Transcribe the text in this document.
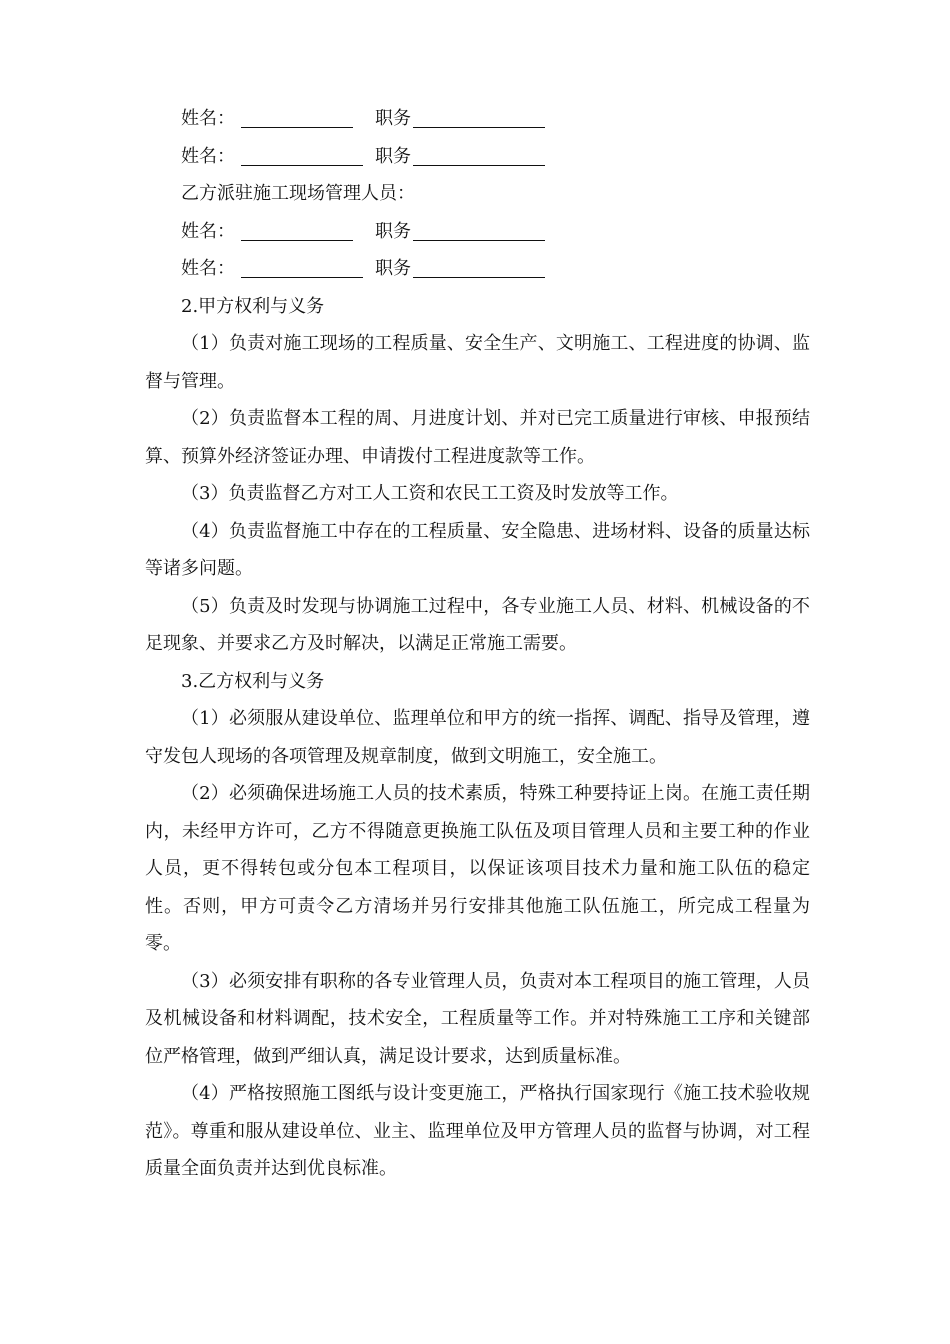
姓名：	职务
姓名：	职务
乙方派驻施工现场管理人员：
姓名：	职务
姓名：	职务
2.甲方权利与义务

（1）负责对施工现场的工程质量、安全生产、文明施工、工程进度的协调、监督与管理。

（2）负责监督本工程的周、月进度计划、并对已完工质量进行审核、申报预结算、预算外经济签证办理、申请拨付工程进度款等工作。

（3）负责监督乙方对工人工资和农民工工资及时发放等工作。

（4）负责监督施工中存在的工程质量、安全隐患、进场材料、设备的质量达标等诸多问题。

（5）负责及时发现与协调施工过程中，各专业施工人员、材料、机械设备的不足现象、并要求乙方及时解决，以满足正常施工需要。

3.乙方权利与义务

（1）必须服从建设单位、监理单位和甲方的统一指挥、调配、指导及管理，遵守发包人现场的各项管理及规章制度，做到文明施工，安全施工。

（2）必须确保进场施工人员的技术素质，特殊工种要持证上岗。在施工责任期内，未经甲方许可，乙方不得随意更换施工队伍及项目管理人员和主要工种的作业人员，更不得转包或分包本工程项目，以保证该项目技术力量和施工队伍的稳定性。否则，甲方可责令乙方清场并另行安排其他施工队伍施工，所完成工程量为零。

（3）必须安排有职称的各专业管理人员，负责对本工程项目的施工管理，人员及机械设备和材料调配，技术安全，工程质量等工作。并对特殊施工工序和关键部位严格管理，做到严细认真，满足设计要求，达到质量标准。

（4）严格按照施工图纸与设计变更施工，严格执行国家现行《施工技术验收规范》。尊重和服从建设单位、业主、监理单位及甲方管理人员的监督与协调，对工程质量全面负责并达到优良标准。
